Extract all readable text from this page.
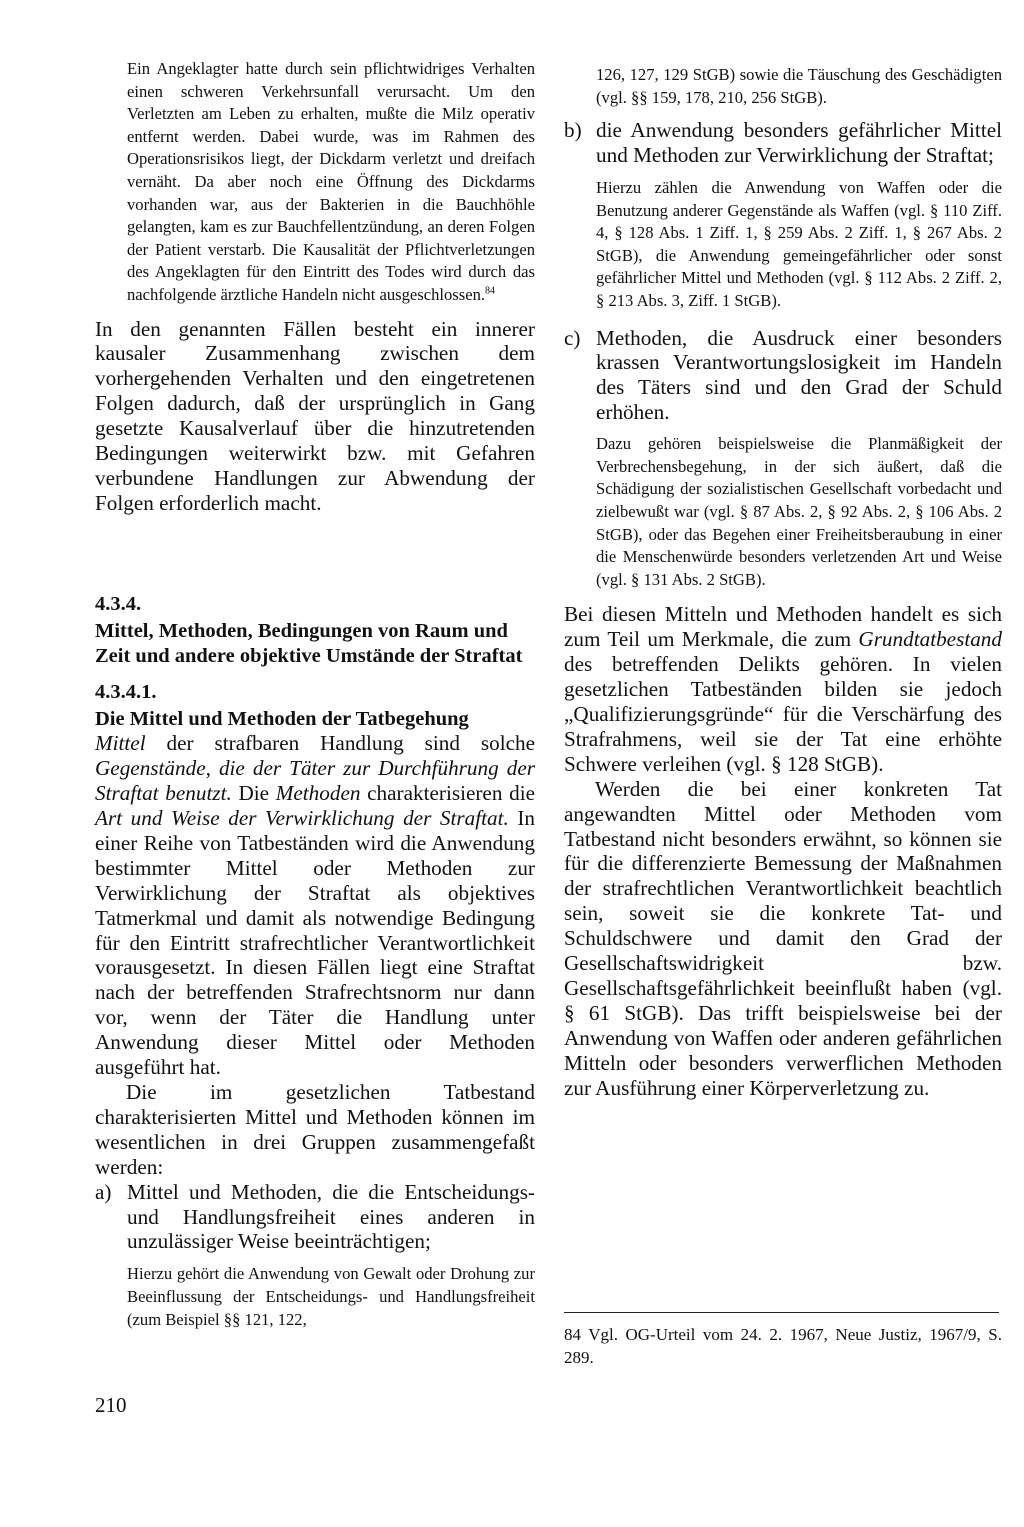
Ein Angeklagter hatte durch sein pflichtwidriges Verhalten einen schweren Verkehrsunfall verursacht. Um den Verletzten am Leben zu erhalten, mußte die Milz operativ entfernt werden. Dabei wurde, was im Rahmen des Operationsrisikos liegt, der Dickdarm verletzt und dreifach vernäht. Da aber noch eine Öffnung des Dickdarms vorhanden war, aus der Bakterien in die Bauchhöhle gelangten, kam es zur Bauchfellentzündung, an deren Folgen der Patient verstarb. Die Kausalität der Pflichtverletzungen des Angeklagten für den Eintritt des Todes wird durch das nachfolgende ärztliche Handeln nicht ausgeschlossen.$^{84}$

In den genannten Fällen besteht ein innerer kausaler Zusammenhang zwischen dem vorhergehenden Verhalten und den eingetretenen Folgen dadurch, daß der ursprünglich in Gang gesetzte Kausalverlauf über die hinzutretenden Bedingungen weiterwirkt bzw. mit Gefahren verbundene Handlungen zur Abwendung der Folgen erforderlich macht.

4.3.4.
Mittel, Methoden, Bedingungen von Raum und Zeit und andere objektive Umstände der Straftat
4.3.4.1.
Die Mittel und Methoden der Tatbegehung

Mittel der strafbaren Handlung sind solche Gegenstände, die der Täter zur Durchführung der Straftat benutzt. Die Methoden charakterisieren die Art und Weise der Verwirklichung der Straftat. In einer Reihe von Tatbeständen wird die Anwendung bestimmter Mittel oder Methoden zur Verwirklichung der Straftat als objektives Tatmerkmal und damit als notwendige Bedingung für den Eintritt strafrechtlicher Verantwortlichkeit vorausgesetzt. In diesen Fällen liegt eine Straftat nach der betreffenden Strafrechtsnorm nur dann vor, wenn der Täter die Handlung unter Anwendung dieser Mittel oder Methoden ausgeführt hat.

Die im gesetzlichen Tatbestand charakterisierten Mittel und Methoden können im wesentlichen in drei Gruppen zusammengefaßt werden:

a) Mittel und Methoden, die die Entscheidungs- und Handlungsfreiheit eines anderen in unzulässiger Weise beeinträchtigen;

Hierzu gehört die Anwendung von Gewalt oder Drohung zur Beeinflussung der Entscheidungs- und Handlungsfreiheit (zum Beispiel §§ 121, 122,

126, 127, 129 StGB) sowie die Täuschung des Geschädigten (vgl. §§ 159, 178, 210, 256 StGB).

b) die Anwendung besonders gefährlicher Mittel und Methoden zur Verwirklichung der Straftat;

Hierzu zählen die Anwendung von Waffen oder die Benutzung anderer Gegenstände als Waffen (vgl. § 110 Ziff. 4, § 128 Abs. 1 Ziff. 1, § 259 Abs. 2 Ziff. 1, § 267 Abs. 2 StGB), die Anwendung gemeingefährlicher oder sonst gefährlicher Mittel und Methoden (vgl. § 112 Abs. 2 Ziff. 2, § 213 Abs. 3, Ziff. 1 StGB).

c) Methoden, die Ausdruck einer besonders krassen Verantwortungslosigkeit im Handeln des Täters sind und den Grad der Schuld erhöhen.

Dazu gehören beispielsweise die Planmäßigkeit der Verbrechensbegehung, in der sich äußert, daß die Schädigung der sozialistischen Gesellschaft vorbedacht und zielbewußt war (vgl. § 87 Abs. 2, § 92 Abs. 2, § 106 Abs. 2 StGB), oder das Begehen einer Freiheitsberaubung in einer die Menschenwürde besonders verletzenden Art und Weise (vgl. § 131 Abs. 2 StGB).

Bei diesen Mitteln und Methoden handelt es sich zum Teil um Merkmale, die zum Grundtatbestand des betreffenden Delikts gehören. In vielen gesetzlichen Tatbeständen bilden sie jedoch „Qualifizierungsgründe“ für die Verschärfung des Strafrahmens, weil sie der Tat eine erhöhte Schwere verleihen (vgl. § 128 StGB).

Werden die bei einer konkreten Tat angewandten Mittel oder Methoden vom Tatbestand nicht besonders erwähnt, so können sie für die differenzierte Bemessung der Maßnahmen der strafrechtlichen Verantwortlichkeit beachtlich sein, soweit sie die konkrete Tat- und Schuldschwere und damit den Grad der Gesellschaftswidrigkeit bzw. Gesellschaftsgefährlichkeit beeinflußt haben (vgl. § 61 StGB). Das trifft beispielsweise bei der Anwendung von Waffen oder anderen gefährlichen Mitteln oder besonders verwerflichen Methoden zur Ausführung einer Körperverletzung zu.

84 Vgl. OG-Urteil vom 24. 2. 1967, Neue Justiz, 1967/9, S. 289.

210
